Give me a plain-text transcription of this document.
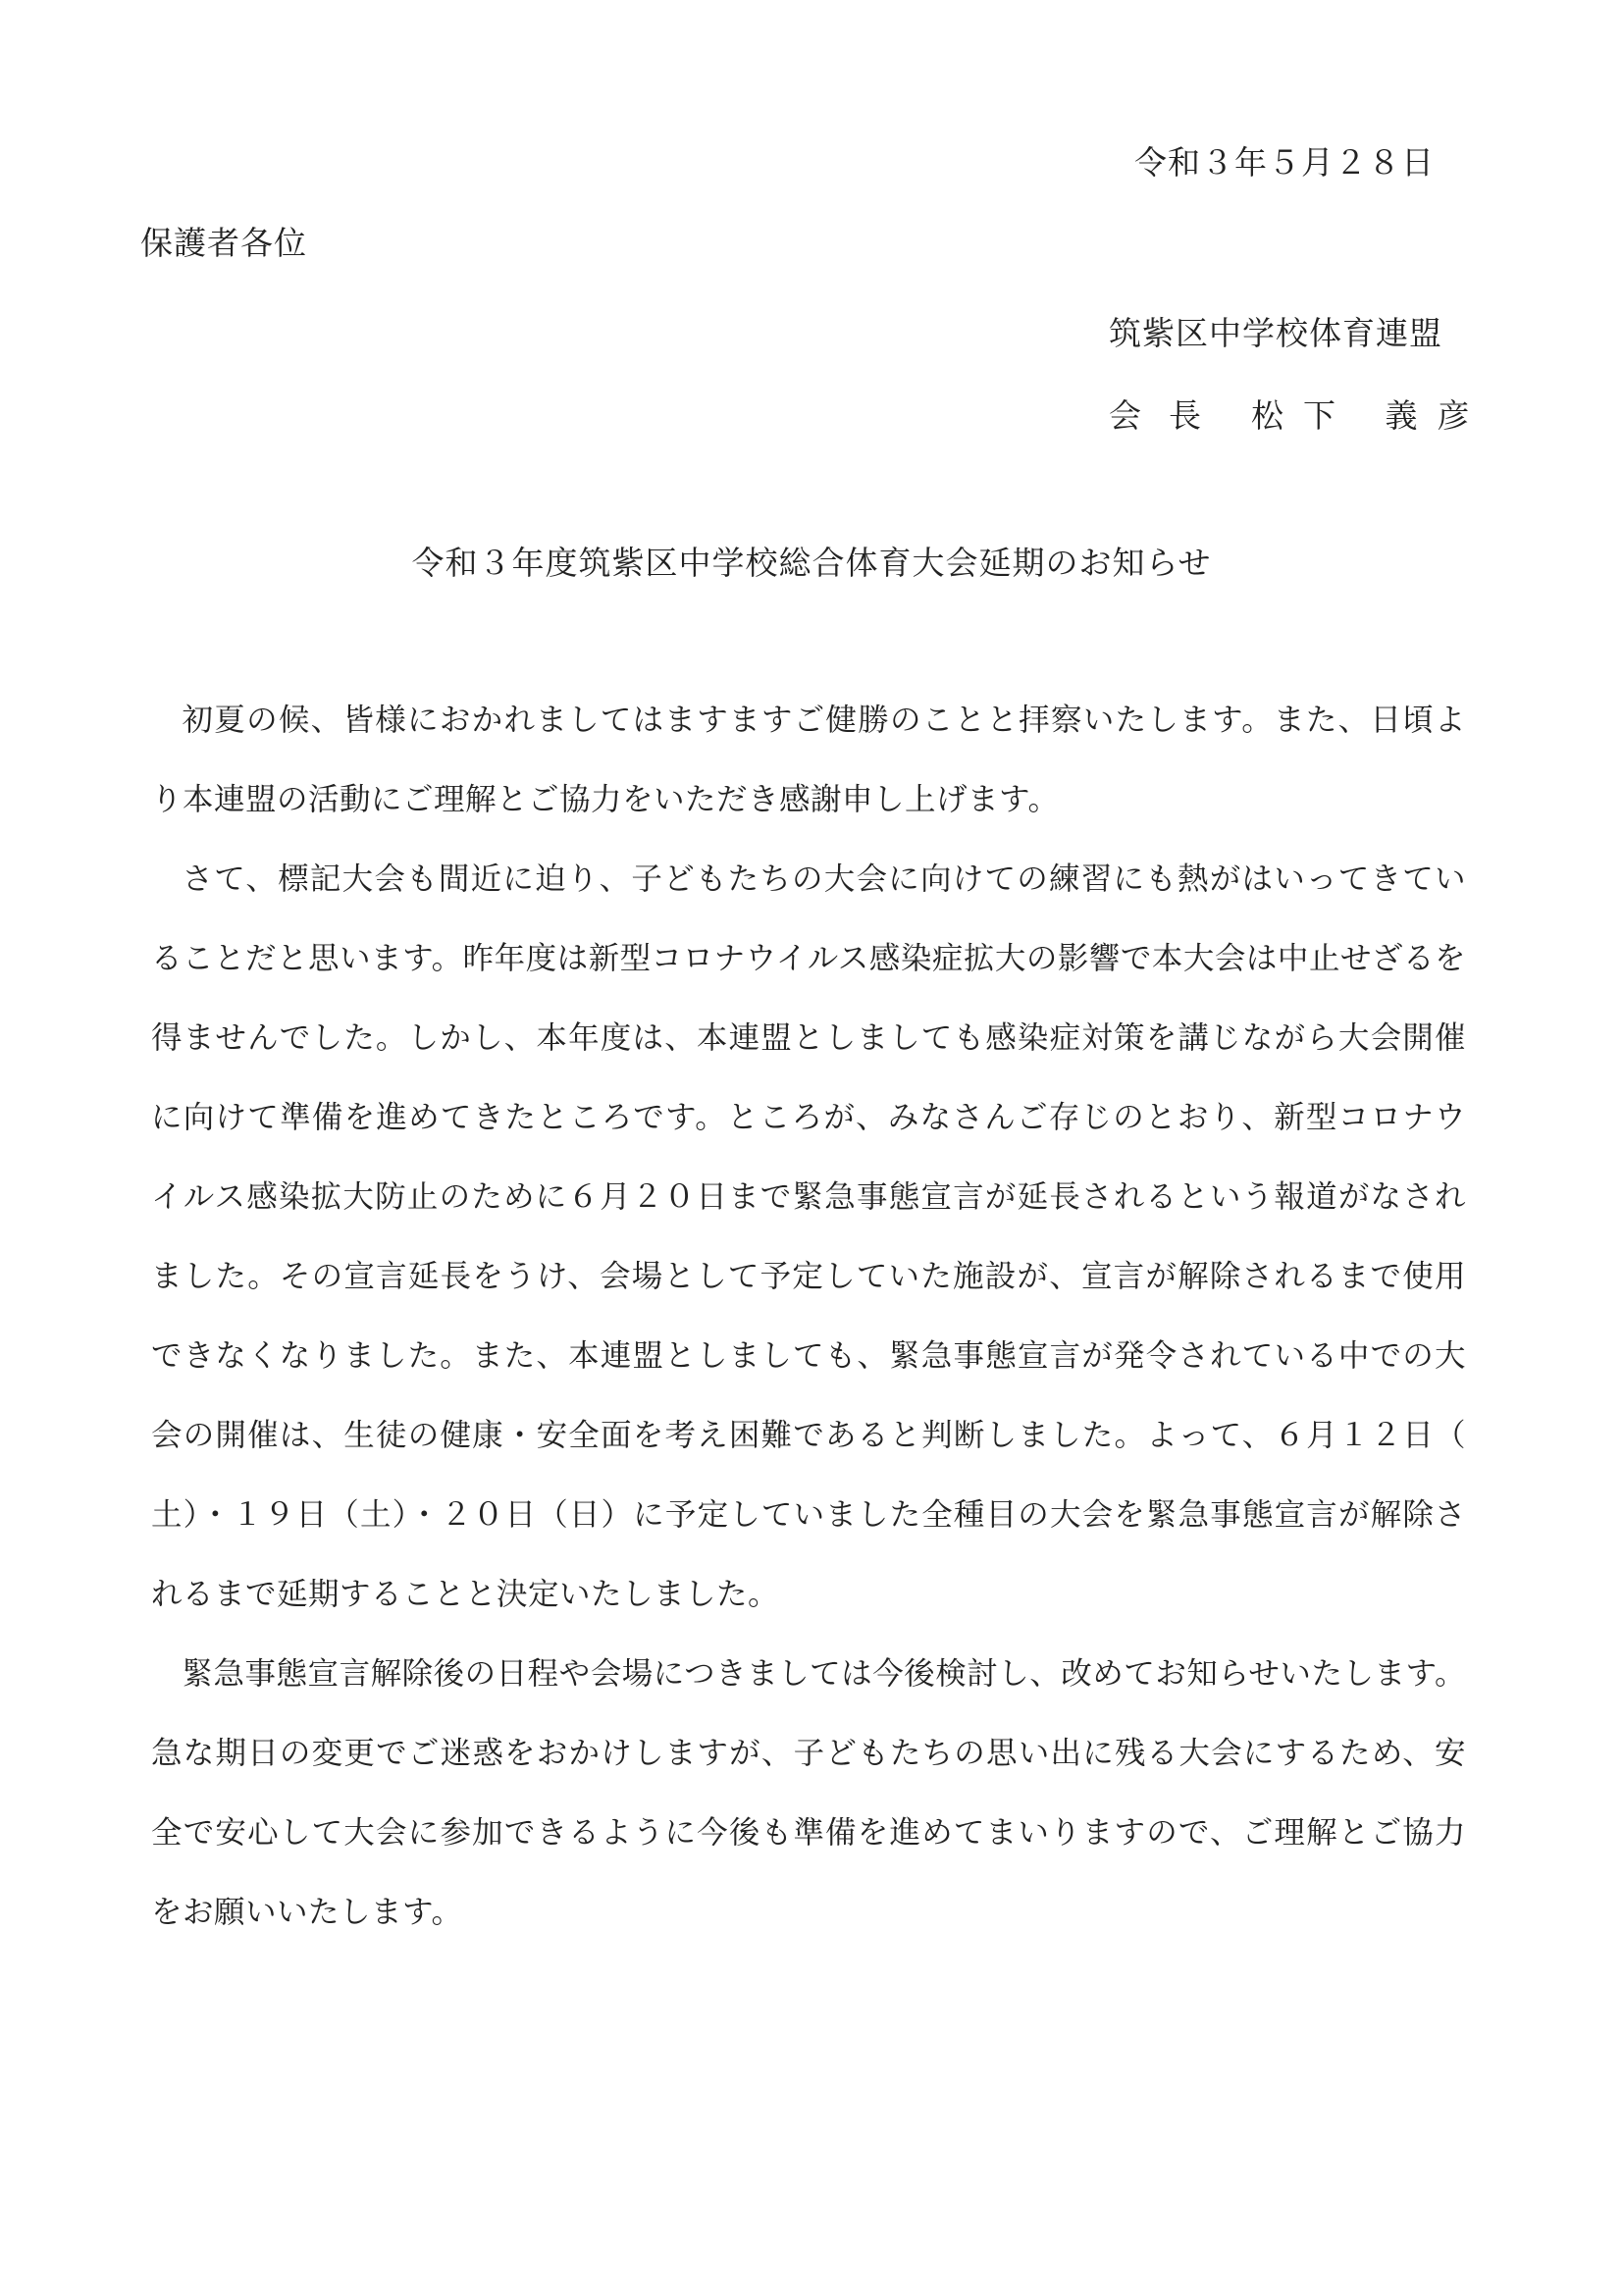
令和３年５月２８日
保護者各位
筑紫区中学校体育連盟
会長 松下 義彦
令和３年度筑紫区中学校総合体育大会延期のお知らせ

初夏の候、皆様におかれましてはますますご健勝のことと拝察いたします。また、日頃より本連盟の活動にご理解とご協力をいただき感謝申し上げます。

さて、標記大会も間近に迫り、子どもたちの大会に向けての練習にも熱がはいってきていることだと思います。昨年度は新型コロナウイルス感染症拡大の影響で本大会は中止せざるを得ませんでした。しかし、本年度は、本連盟としましても感染症対策を講じながら大会開催に向けて準備を進めてきたところです。ところが、みなさんご存じのとおり、新型コロナウイルス感染拡大防止のために６月２０日まで緊急事態宣言が延長されるという報道がなされました。その宣言延長をうけ、会場として予定していた施設が、宣言が解除されるまで使用できなくなりました。また、本連盟としましても、緊急事態宣言が発令されている中での大会の開催は、生徒の健康・安全面を考え困難であると判断しました。よって、６月１２日（土）・１９日（土）・２０日（日）に予定していました全種目の大会を緊急事態宣言が解除されるまで延期することと決定いたしました。

緊急事態宣言解除後の日程や会場につきましては今後検討し、改めてお知らせいたします。急な期日の変更でご迷惑をおかけしますが、子どもたちの思い出に残る大会にするため、安全で安心して大会に参加できるように今後も準備を進めてまいりますので、ご理解とご協力をお願いいたします。
